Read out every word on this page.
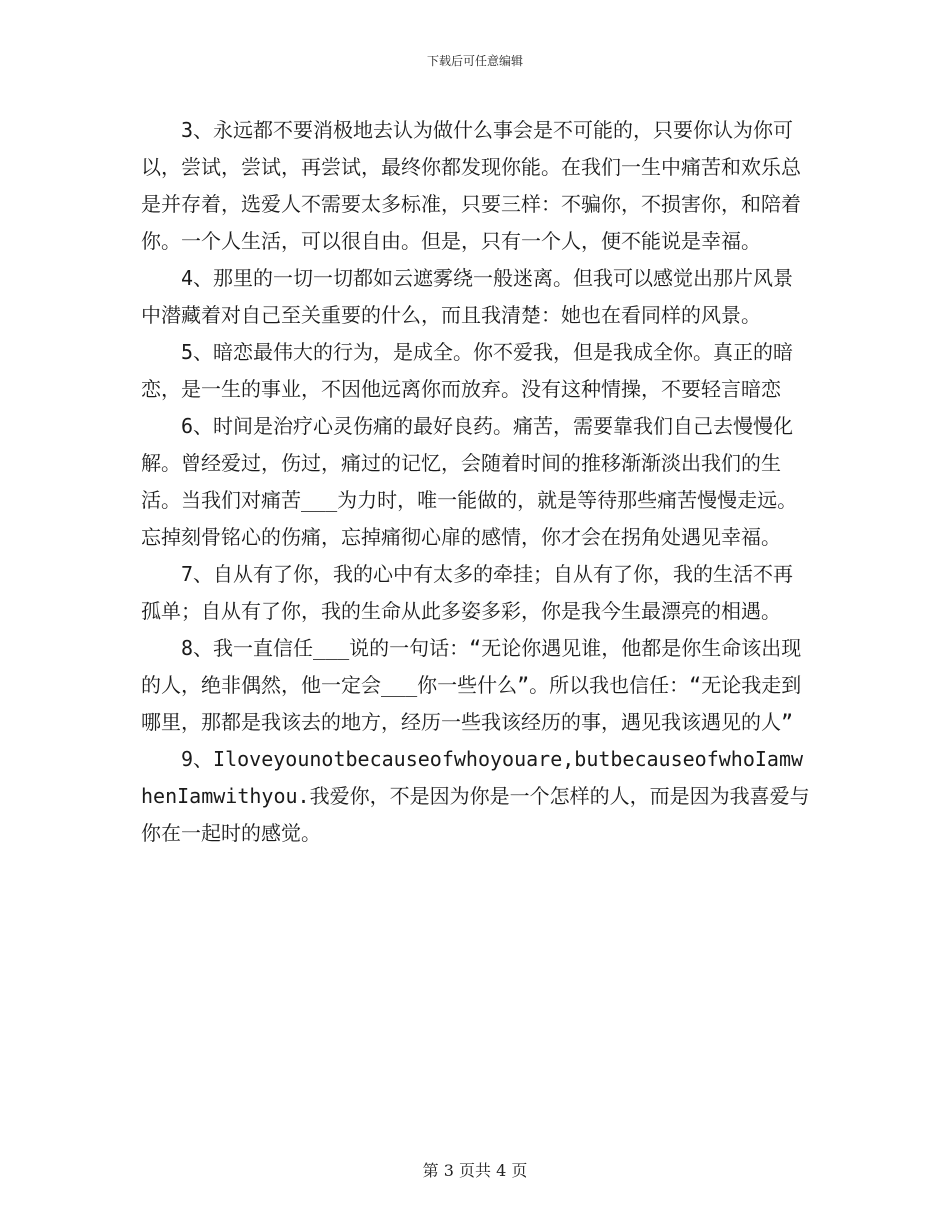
下载后可任意编辑

3、永远都不要消极地去认为做什么事会是不可能的，只要你认为你可以，尝试，尝试，再尝试，最终你都发现你能。在我们一生中痛苦和欢乐总是并存着，选爱人不需要太多标准，只要三样：不骗你，不损害你，和陪着你。一个人生活，可以很自由。但是，只有一个人，便不能说是幸福。

4、那里的一切一切都如云遮雾绕一般迷离。但我可以感觉出那片风景中潜藏着对自己至关重要的什么，而且我清楚：她也在看同样的风景。

5、暗恋最伟大的行为，是成全。你不爱我，但是我成全你。真正的暗恋，是一生的事业，不因他远离你而放弃。没有这种情操，不要轻言暗恋

6、时间是治疗心灵伤痛的最好良药。痛苦，需要靠我们自己去慢慢化解。曾经爱过，伤过，痛过的记忆，会随着时间的推移渐渐淡出我们的生活。当我们对痛苦___为力时，唯一能做的，就是等待那些痛苦慢慢走远。忘掉刻骨铭心的伤痛，忘掉痛彻心扉的感情，你才会在拐角处遇见幸福。

7、自从有了你，我的心中有太多的牵挂；自从有了你，我的生活不再孤单；自从有了你，我的生命从此多姿多彩，你是我今生最漂亮的相遇。

8、我一直信任___说的一句话：“无论你遇见谁，他都是你生命该出现的人，绝非偶然，他一定会___你一些什么”。所以我也信任：“无论我走到哪里，那都是我该去的地方，经历一些我该经历的事，遇见我该遇见的人”

9、Iloveyounotbecauseofwhoyouare,butbecauseofwhoIamwhenIamwithyou.我爱你，不是因为你是一个怎样的人，而是因为我喜爱与你在一起时的感觉。

第 3 页共 4 页
